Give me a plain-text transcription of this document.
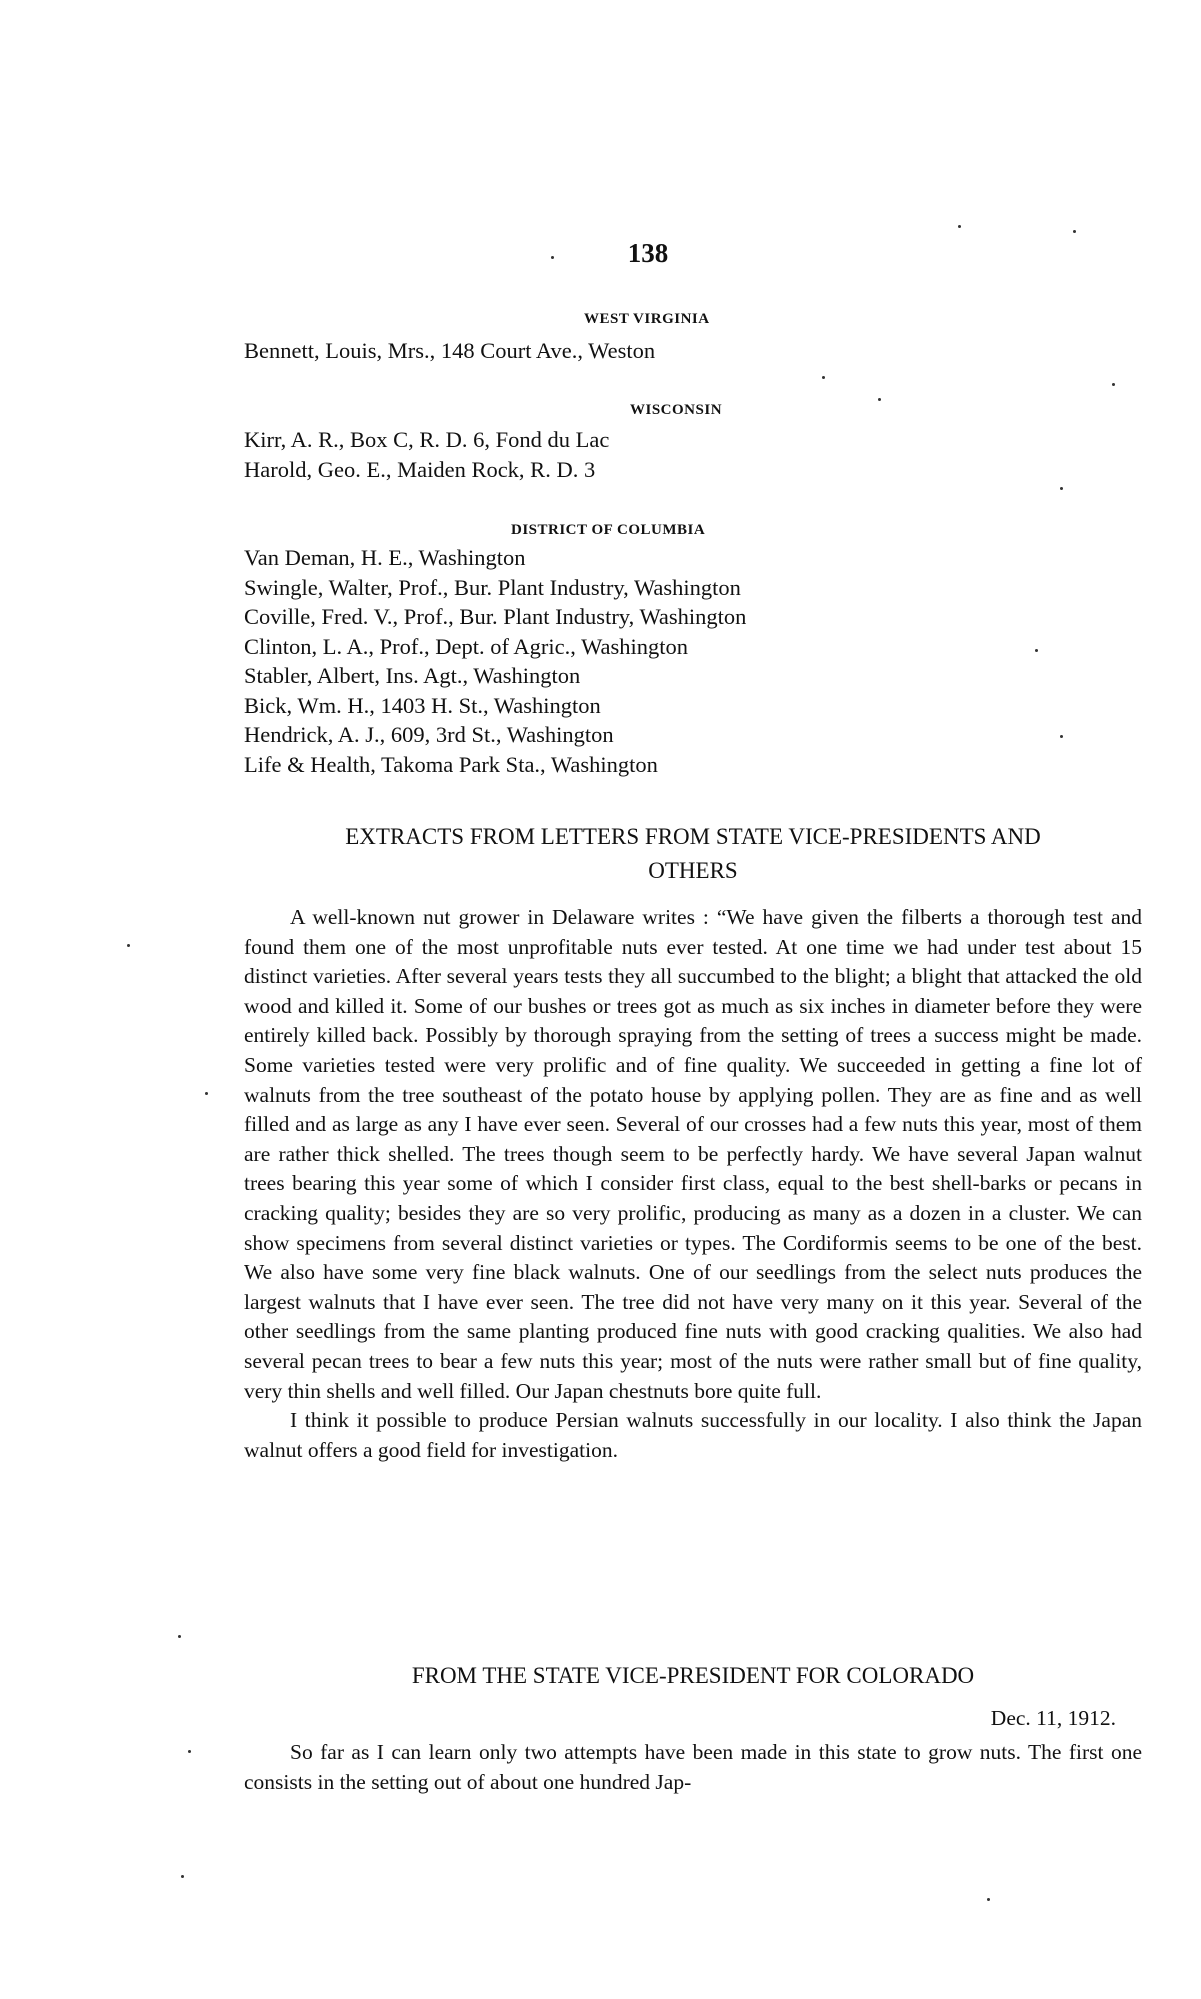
138
WEST VIRGINIA
Bennett, Louis, Mrs., 148 Court Ave., Weston
WISCONSIN
Kirr, A. R., Box C, R. D. 6, Fond du Lac
Harold, Geo. E., Maiden Rock, R. D. 3
DISTRICT OF COLUMBIA
Van Deman, H. E., Washington
Swingle, Walter, Prof., Bur. Plant Industry, Washington
Coville, Fred. V., Prof., Bur. Plant Industry, Washington
Clinton, L. A., Prof., Dept. of Agric., Washington
Stabler, Albert, Ins. Agt., Washington
Bick, Wm. H., 1403 H. St., Washington
Hendrick, A. J., 609, 3rd St., Washington
Life & Health, Takoma Park Sta., Washington
EXTRACTS FROM LETTERS FROM STATE VICE-PRESIDENTS AND
OTHERS

A well-known nut grower in Delaware writes : “We have given the filberts a thorough test and found them one of the most unprofitable nuts ever tested. At one time we had under test about 15 distinct varieties. After several years tests they all succumbed to the blight; a blight that attacked the old wood and killed it. Some of our bushes or trees got as much as six inches in diameter before they were entirely killed back. Possibly by thorough spraying from the setting of trees a success might be made. Some varieties tested were very prolific and of fine quality. We succeeded in getting a fine lot of walnuts from the tree southeast of the potato house by applying pollen. They are as fine and as well filled and as large as any I have ever seen. Several of our crosses had a few nuts this year, most of them are rather thick shelled. The trees though seem to be perfectly hardy. We have several Japan walnut trees bearing this year some of which I consider first class, equal to the best shell-barks or pecans in cracking quality; besides they are so very prolific, producing as many as a dozen in a cluster. We can show specimens from several distinct varieties or types. The Cordiformis seems to be one of the best. We also have some very fine black walnuts. One of our seedlings from the select nuts produces the largest walnuts that I have ever seen. The tree did not have very many on it this year. Several of the other seedlings from the same planting produced fine nuts with good cracking qualities. We also had several pecan trees to bear a few nuts this year; most of the nuts were rather small but of fine quality, very thin shells and well filled. Our Japan chestnuts bore quite full.

I think it possible to produce Persian walnuts successfully in our locality. I also think the Japan walnut offers a good field for investigation.

FROM THE STATE VICE-PRESIDENT FOR COLORADO
Dec. 11, 1912.

So far as I can learn only two attempts have been made in this state to grow nuts. The first one consists in the setting out of about one hundred Jap-
